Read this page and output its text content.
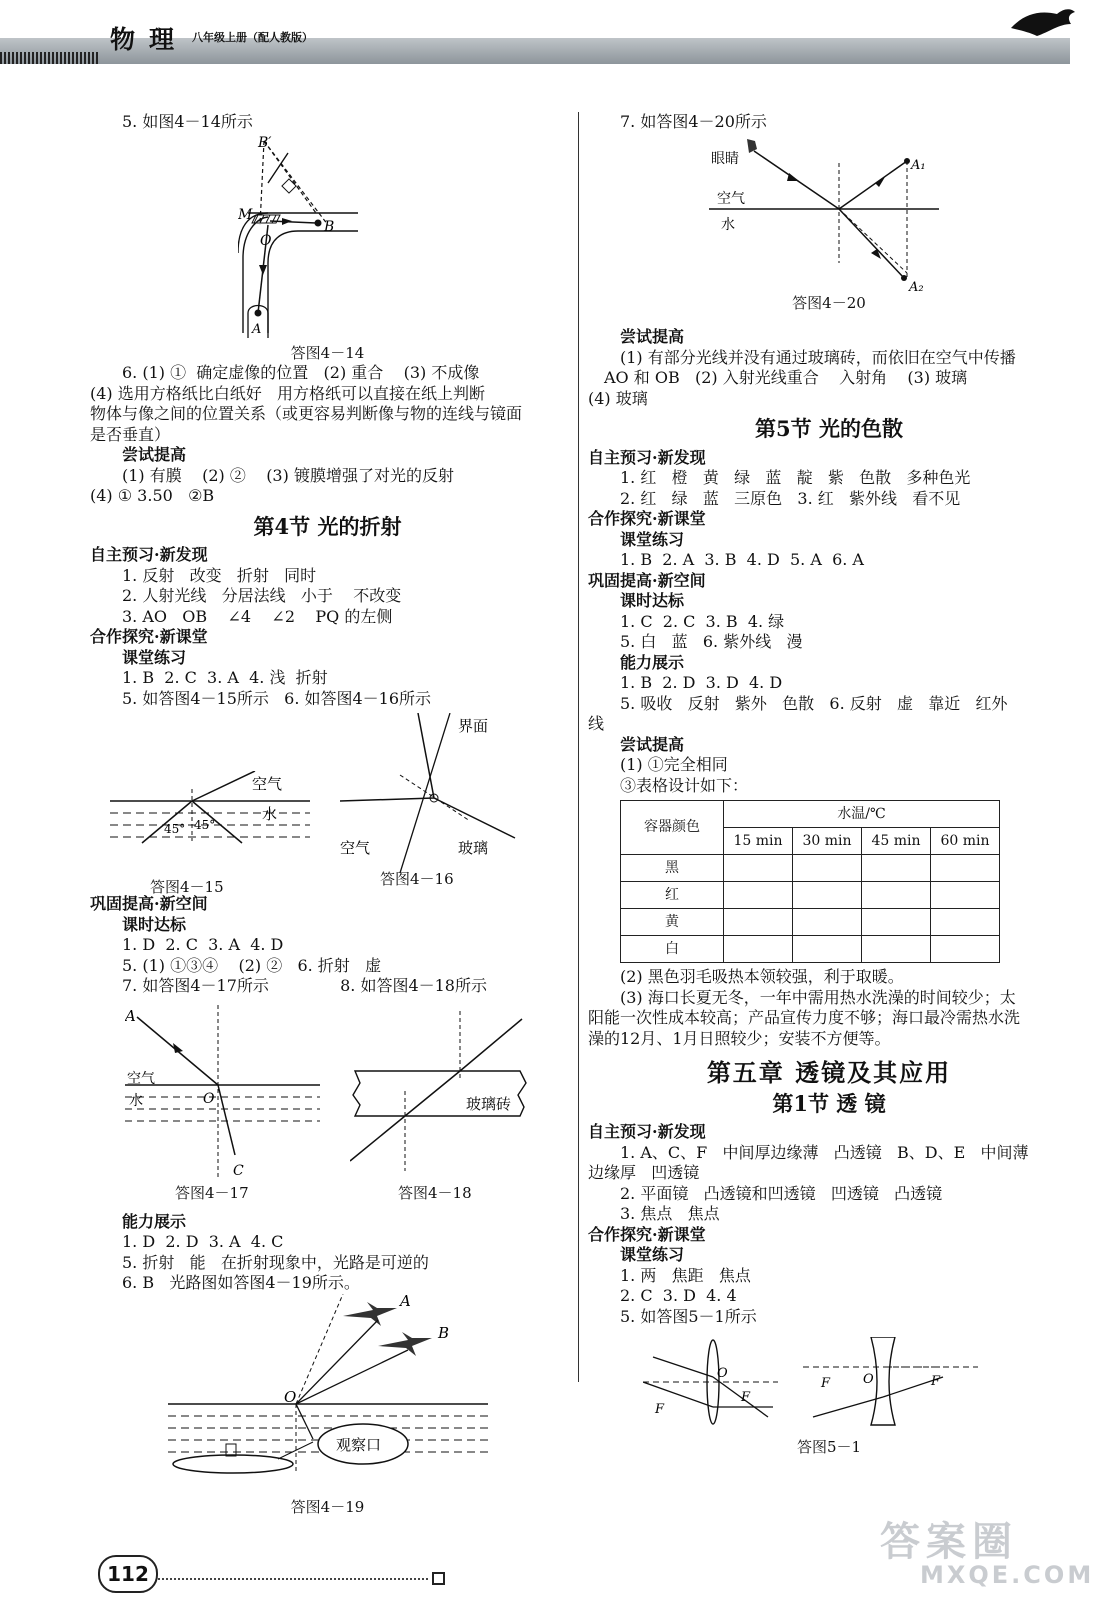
物理 八年级上册（配人教版）
5. 如图4－14所示
B′
M
B
O
A
答图4－14
6. (1) ①  确定虚像的位置   (2) 重合    (3) 不成像
(4) 选用方格纸比白纸好   用方格纸可以直接在纸上判断
物体与像之间的位置关系（或更容易判断像与物的连线与镜面
是否垂直）
尝试提高
(1) 有膜    (2) ②    (3) 镀膜增强了对光的反射
(4) ① 3.50   ②B
第4节 光的折射
自主预习·新发现
1. 反射   改变   折射   同时
2. 人射光线   分居法线   小于    不改变
3. AO   OB    ∠4    ∠2    PQ 的左侧
合作探究·新课堂
课堂练习
1. B  2. C  3. A  4. 浅  折射
5. 如答图4－15所示   6. 如答图4－16所示
空气
水
45° 45°
答图4－15
界面
空气	玻璃
答图4－16
巩固提高·新空间
课时达标
1. D  2. C  3. A  4. D
5. (1) ①③④    (2) ②   6. 折射   虚
7. 如答图4－17所示              8. 如答图4－18所示
A
空气
水	O
C
答图4－17
玻璃砖
答图4－18
能力展示
1. D  2. D  3. A  4. C
5. 折射   能   在折射现象中，光路是可逆的
6. B   光路图如答图4－19所示。
A
B
O
观察口
答图4－19
7. 如答图4－20所示
眼睛
空气
水
A₁
A₂
答图4－20
尝试提高
(1) 有部分光线并没有通过玻璃砖，而依旧在空气中传播
AO 和 OB   (2) 入射光线重合    入射角    (3) 玻璃
(4) 玻璃
第5节 光的色散
自主预习·新发现
1. 红   橙   黄   绿   蓝   靛   紫   色散   多种色光
2. 红   绿   蓝   三原色   3. 红   紫外线   看不见
合作探究·新课堂
课堂练习
1. B  2. A  3. B  4. D  5. A  6. A
巩固提高·新空间
课时达标
1. C  2. C  3. B  4. 绿
5. 白   蓝   6. 紫外线   漫
能力展示
1. B  2. D  3. D  4. D
5. 吸收   反射   紫外   色散   6. 反射   虚   靠近   红外
线
尝试提高
(1) ①完全相同
③表格设计如下：
容器颜色	水温/℃			
	15 min	30 min	45 min	60 min
黑				
红				
黄				
白				
(2) 黑色羽毛吸热本领较强，利于取暖。
(3) 海口长夏无冬，一年中需用热水洗澡的时间较少；太
阳能一次性成本较高；产品宣传力度不够；海口最冷需热水洗
澡的12月、1月日照较少；安装不方便等。
第五章 透镜及其应用
第1节 透 镜
自主预习·新发现
1. A、C、F   中间厚边缘薄   凸透镜   B、D、E   中间薄
边缘厚   凹透镜
2. 平面镜   凸透镜和凹透镜   凹透镜   凸透镜
3. 焦点   焦点
合作探究·新课堂
课堂练习
1. 两   焦距   焦点
2. C  3. D  4. 4
5. 如答图5－1所示
F
O
F
F	O	F
答图5－1
112
答案圈
MXQE.COM
